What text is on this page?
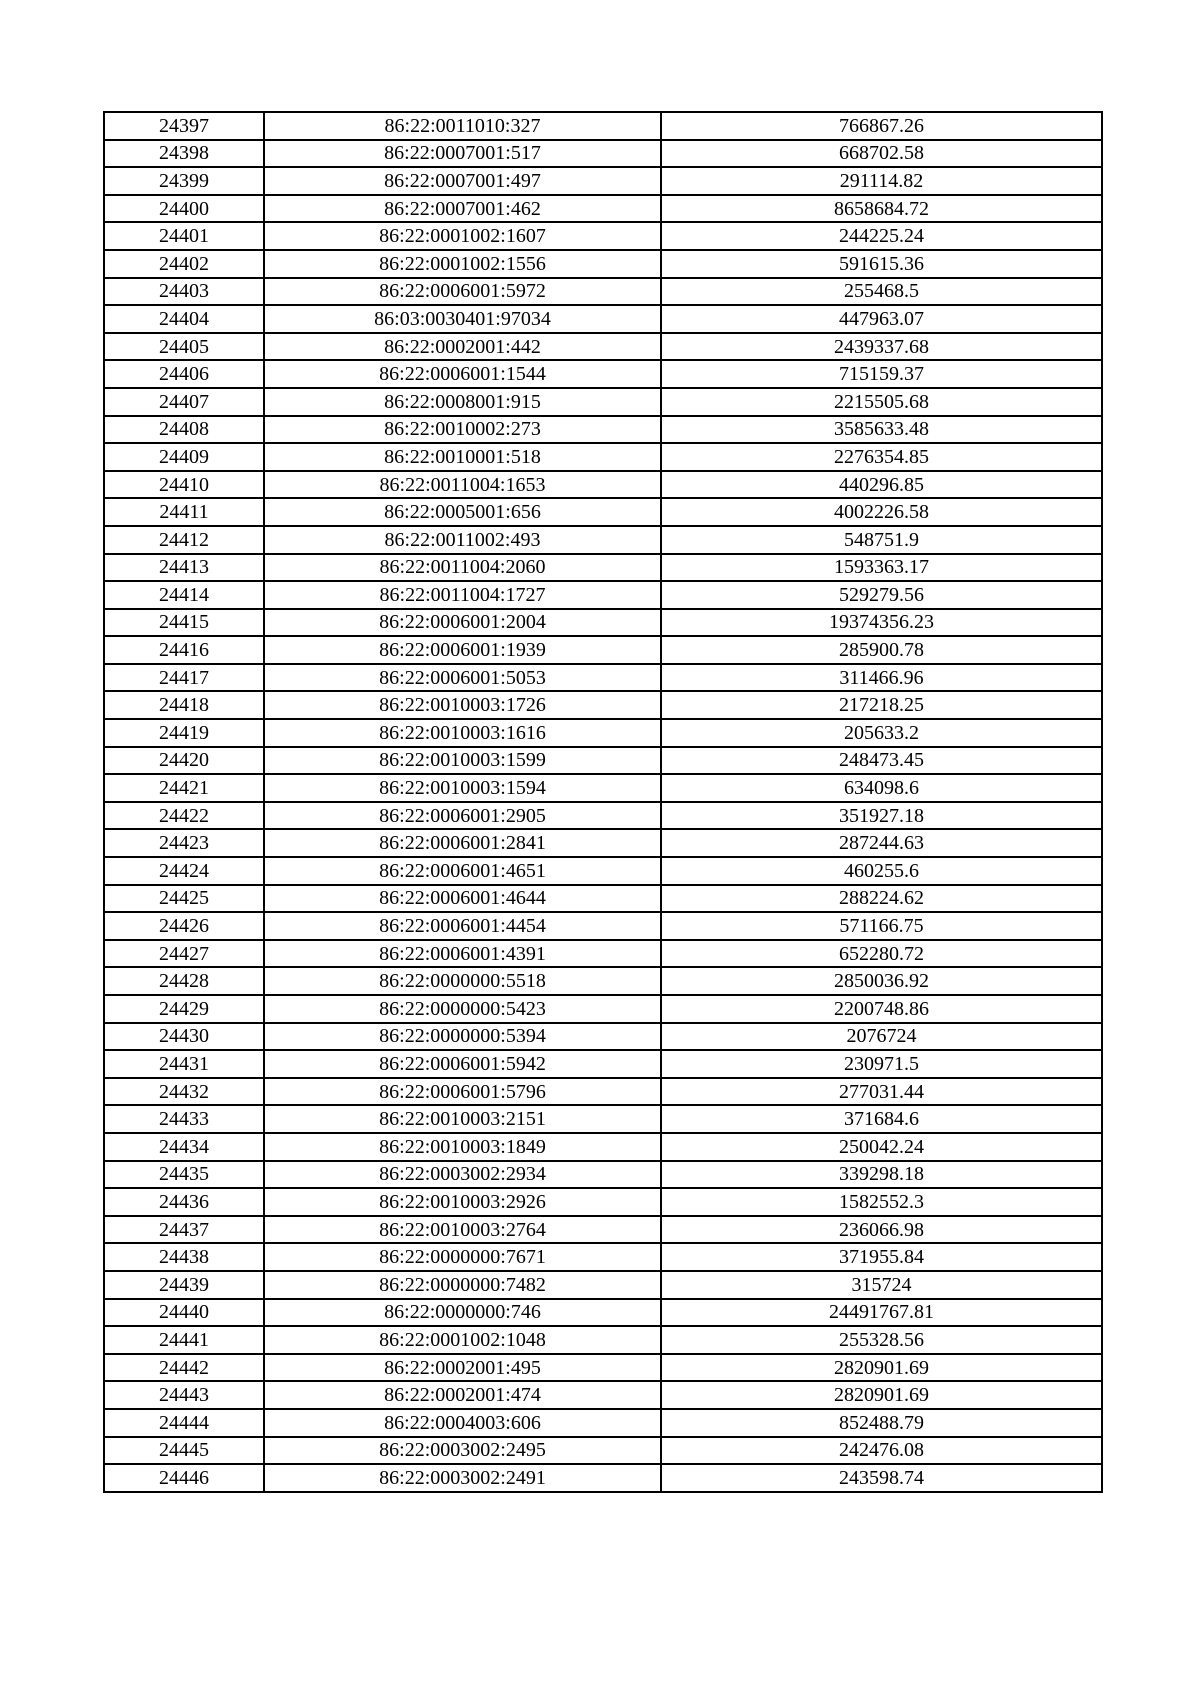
24397	86:22:0011010:327	766867.26
24398	86:22:0007001:517	668702.58
24399	86:22:0007001:497	291114.82
24400	86:22:0007001:462	8658684.72
24401	86:22:0001002:1607	244225.24
24402	86:22:0001002:1556	591615.36
24403	86:22:0006001:5972	255468.5
24404	86:03:0030401:97034	447963.07
24405	86:22:0002001:442	2439337.68
24406	86:22:0006001:1544	715159.37
24407	86:22:0008001:915	2215505.68
24408	86:22:0010002:273	3585633.48
24409	86:22:0010001:518	2276354.85
24410	86:22:0011004:1653	440296.85
24411	86:22:0005001:656	4002226.58
24412	86:22:0011002:493	548751.9
24413	86:22:0011004:2060	1593363.17
24414	86:22:0011004:1727	529279.56
24415	86:22:0006001:2004	19374356.23
24416	86:22:0006001:1939	285900.78
24417	86:22:0006001:5053	311466.96
24418	86:22:0010003:1726	217218.25
24419	86:22:0010003:1616	205633.2
24420	86:22:0010003:1599	248473.45
24421	86:22:0010003:1594	634098.6
24422	86:22:0006001:2905	351927.18
24423	86:22:0006001:2841	287244.63
24424	86:22:0006001:4651	460255.6
24425	86:22:0006001:4644	288224.62
24426	86:22:0006001:4454	571166.75
24427	86:22:0006001:4391	652280.72
24428	86:22:0000000:5518	2850036.92
24429	86:22:0000000:5423	2200748.86
24430	86:22:0000000:5394	2076724
24431	86:22:0006001:5942	230971.5
24432	86:22:0006001:5796	277031.44
24433	86:22:0010003:2151	371684.6
24434	86:22:0010003:1849	250042.24
24435	86:22:0003002:2934	339298.18
24436	86:22:0010003:2926	1582552.3
24437	86:22:0010003:2764	236066.98
24438	86:22:0000000:7671	371955.84
24439	86:22:0000000:7482	315724
24440	86:22:0000000:746	24491767.81
24441	86:22:0001002:1048	255328.56
24442	86:22:0002001:495	2820901.69
24443	86:22:0002001:474	2820901.69
24444	86:22:0004003:606	852488.79
24445	86:22:0003002:2495	242476.08
24446	86:22:0003002:2491	243598.74
